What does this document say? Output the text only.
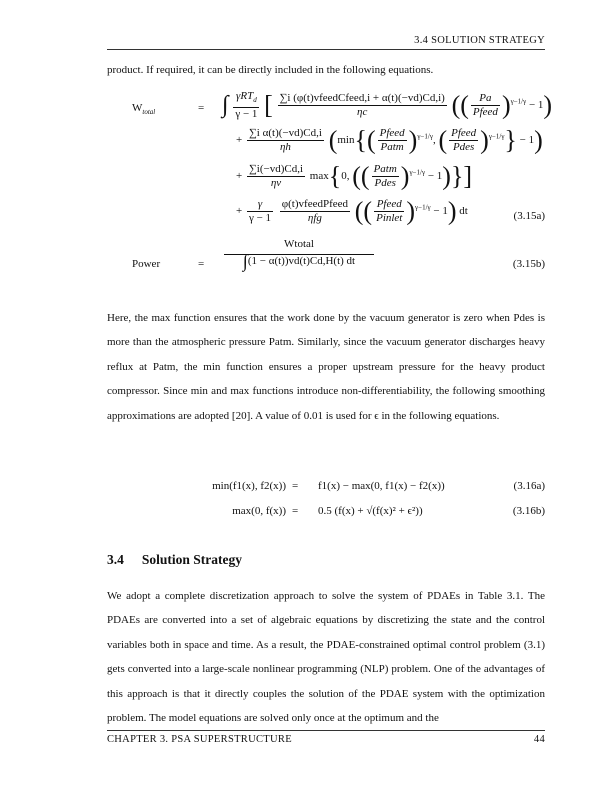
3.4 SOLUTION STRATEGY

product. If required, it can be directly included in the following equations.

$W_{total}$	= ∫ $\frac{\gamma RT_d}{\gamma - 1}$ [ $\frac{\text{∑i (φ(t)vfeedCfeed,i + α(t)(−vd)Cd,i)}}{\eta c}$ (( $\frac{Pa}{\text{Pfeed}} )^{\gamma-1/\gamma} - 1$)
+ $\frac{\text{∑i α(t)(−vd)Cd,i}}{\eta h} (\min\{( \frac{\text{Pfeed}}{\text{Patm}} )^{\gamma-1/\gamma}$, ( $\frac{\text{Pfeed}}{\text{Pdes}} )^{\gamma-1/\gamma}\} - 1$)
+ $\frac{\sum i(-vd)Cd,i}{\eta v} \max\{0$, (( $\frac{\text{Patm}}{\text{Pdes}} )^{\gamma-1/\gamma} - 1$)}]
+ $\frac{\gamma}{\gamma - 1}$
$\frac{\text{φ(t)vfeedPfeed}}{\text{ηfg}}$ (( $\frac{\text{Pfeed}}{\text{Pinlet}} )^{\gamma-1/\gamma} - 1$) dt	(3.15a)
Power	= $\frac{\text{Wtotal}}{\int(1 - \alpha(t))vd(t)Cd,H(t) dt}$	(3.15b)

Here, the max function ensures that the work done by the vacuum generator is zero when Pdes is more than the atmospheric pressure Patm. Similarly, since the vacuum generator discharges heavy reflux at Patm, the min function ensures a proper upstream pressure for the heavy product compressor. Since min and max functions introduce non-differentiability, the following smoothing approximations are adopted [20]. A value of 0.01 is used for ϵ in the following equations.

min(f1(x), f2(x)) = f1(x) − max(0, f1(x) − f2(x))	(3.16a)
max(0, f(x)) = 0.5 (f(x) + √(f(x)² + ϵ²))	(3.16b)
3.4 Solution Strategy

We adopt a complete discretization approach to solve the system of PDAEs in Table 3.1. The PDAEs are converted into a set of algebraic equations by discretizing the state and the control variables both in space and time. As a result, the PDAE-constrained optimal control problem (3.1) gets converted into a large-scale nonlinear programming (NLP) problem. One of the advantages of this approach is that it directly couples the solution of the PDAE system with the optimization problem. The model equations are solved only once at the optimum and the

CHAPTER 3. PSA SUPERSTRUCTURE	44
